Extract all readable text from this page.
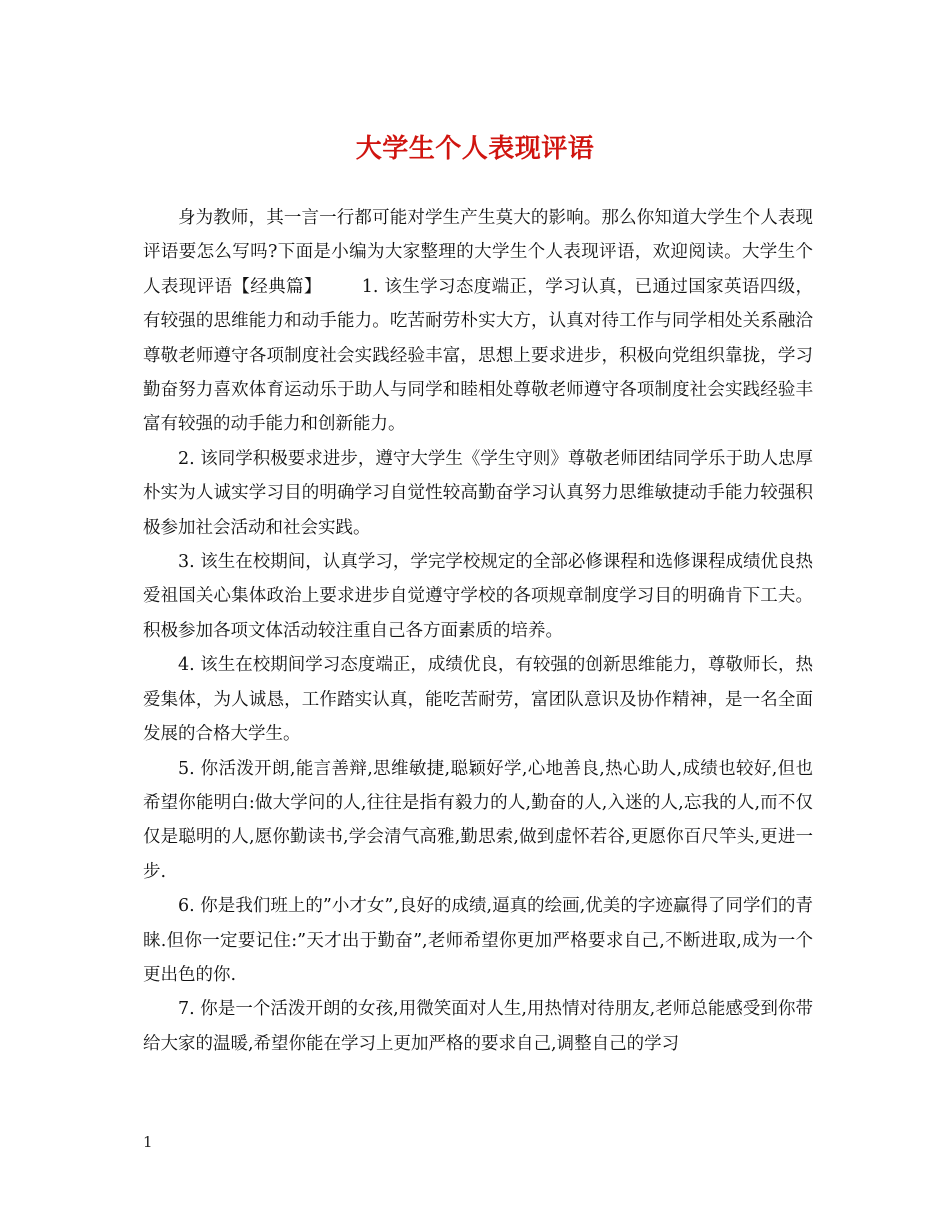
大学生个人表现评语

身为教师，其一言一行都可能对学生产生莫大的影响。那么你知道大学生个人表现评语要怎么写吗?下面是小编为大家整理的大学生个人表现评语，欢迎阅读。大学生个人表现评语【经典篇】 1. 该生学习态度端正，学习认真，已通过国家英语四级，有较强的思维能力和动手能力。吃苦耐劳朴实大方，认真对待工作与同学相处关系融洽尊敬老师遵守各项制度社会实践经验丰富，思想上要求进步，积极向党组织靠拢，学习勤奋努力喜欢体育运动乐于助人与同学和睦相处尊敬老师遵守各项制度社会实践经验丰富有较强的动手能力和创新能力。

2. 该同学积极要求进步，遵守大学生《学生守则》尊敬老师团结同学乐于助人忠厚朴实为人诚实学习目的明确学习自觉性较高勤奋学习认真努力思维敏捷动手能力较强积极参加社会活动和社会实践。

3. 该生在校期间，认真学习，学完学校规定的全部必修课程和选修课程成绩优良热爱祖国关心集体政治上要求进步自觉遵守学校的各项规章制度学习目的明确肯下工夫。积极参加各项文体活动较注重自己各方面素质的培养。

4. 该生在校期间学习态度端正，成绩优良，有较强的创新思维能力，尊敬师长，热爱集体，为人诚恳，工作踏实认真，能吃苦耐劳，富团队意识及协作精神，是一名全面发展的合格大学生。

5. 你活泼开朗,能言善辩,思维敏捷,聪颖好学,心地善良,热心助人,成绩也较好,但也希望你能明白:做大学问的人,往往是指有毅力的人,勤奋的人,入迷的人,忘我的人,而不仅仅是聪明的人,愿你勤读书,学会清气高雅,勤思索,做到虚怀若谷,更愿你百尺竿头,更进一步.

6. 你是我们班上的”小才女”,良好的成绩,逼真的绘画,优美的字迹赢得了同学们的青睐.但你一定要记住:”天才出于勤奋”,老师希望你更加严格要求自己,不断进取,成为一个更出色的你.

7. 你是一个活泼开朗的女孩,用微笑面对人生,用热情对待朋友,老师总能感受到你带给大家的温暖,希望你能在学习上更加严格的要求自己,调整自己的学习

1
